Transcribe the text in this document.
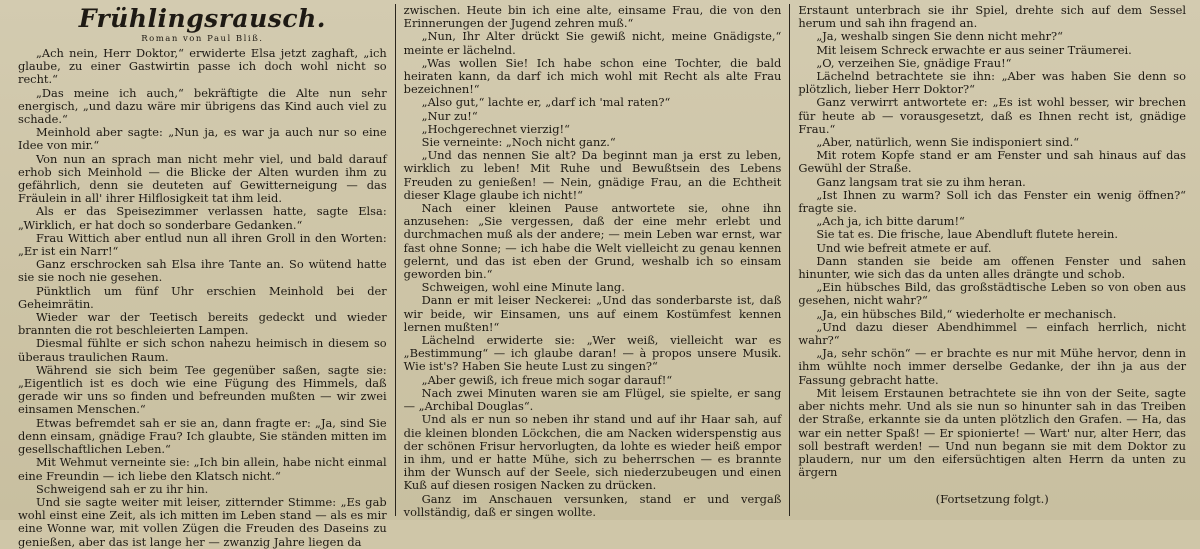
Frühlingsrausch.

Roman von Paul Bliß.

„Ach nein, Herr Doktor,“ erwiderte Elsa jetzt zaghaft, „ich glaube, zu einer Gastwirtin passe ich doch wohl nicht so recht.“

„Das meine ich auch,“ bekräftigte die Alte nun sehr energisch, „und dazu wäre mir übrigens das Kind auch viel zu schade.“

Meinhold aber sagte: „Nun ja, es war ja auch nur so eine Idee von mir.“

Von nun an sprach man nicht mehr viel, und bald darauf erhob sich Meinhold — die Blicke der Alten wurden ihm zu gefährlich, denn sie deuteten auf Gewitterneigung — das Fräulein in all' ihrer Hilflosigkeit tat ihm leid.

Als er das Speisezimmer verlassen hatte, sagte Elsa: „Wirklich, er hat doch so sonderbare Gedanken.“

Frau Wittich aber entlud nun all ihren Groll in den Worten: „Er ist ein Narr!“

Ganz erschrocken sah Elsa ihre Tante an. So wütend hatte sie sie noch nie gesehen.

Pünktlich um fünf Uhr erschien Meinhold bei der Geheimrätin.

Wieder war der Teetisch bereits gedeckt und wieder brannten die rot beschleierten Lampen.

Diesmal fühlte er sich schon nahezu heimisch in diesem so überaus traulichen Raum.

Während sie sich beim Tee gegenüber saßen, sagte sie: „Eigentlich ist es doch wie eine Fügung des Himmels, daß gerade wir uns so finden und befreunden mußten — wir zwei einsamen Menschen.“

Etwas befremdet sah er sie an, dann fragte er: „Ja, sind Sie denn einsam, gnädige Frau? Ich glaubte, Sie ständen mitten im gesellschaftlichen Leben.“

Mit Wehmut verneinte sie: „Ich bin allein, habe nicht einmal eine Freundin — ich liebe den Klatsch nicht.“

Schweigend sah er zu ihr hin.

Und sie sagte weiter mit leiser, zitternder Stimme: „Es gab wohl einst eine Zeit, als ich mitten im Leben stand — als es mir eine Wonne war, mit vollen Zügen die Freuden des Daseins zu genießen, aber das ist lange her — zwanzig Jahre liegen da

zwischen. Heute bin ich eine alte, einsame Frau, die von den Erinnerungen der Jugend zehren muß.“

„Nun, Ihr Alter drückt Sie gewiß nicht, meine Gnädigste,“ meinte er lächelnd.

„Was wollen Sie! Ich habe schon eine Tochter, die bald heiraten kann, da darf ich mich wohl mit Recht als alte Frau bezeichnen!“

„Also gut,“ lachte er, „darf ich 'mal raten?“

„Nur zu!“

„Hochgerechnet vierzig!“

Sie verneinte: „Noch nicht ganz.“

„Und das nennen Sie alt? Da beginnt man ja erst zu leben, wirklich zu leben! Mit Ruhe und Bewußtsein des Lebens Freuden zu genießen! — Nein, gnädige Frau, an die Echtheit dieser Klage glaube ich nicht!“

Nach einer kleinen Pause antwortete sie, ohne ihn anzusehen: „Sie vergessen, daß der eine mehr erlebt und durchmachen muß als der andere; — mein Leben war ernst, war fast ohne Sonne; — ich habe die Welt vielleicht zu genau kennen gelernt, und das ist eben der Grund, weshalb ich so einsam geworden bin.“

Schweigen, wohl eine Minute lang.

Dann er mit leiser Neckerei: „Und das sonderbarste ist, daß wir beide, wir Einsamen, uns auf einem Kostümfest kennen lernen mußten!“

Lächelnd erwiderte sie: „Wer weiß, vielleicht war es „Bestimmung“ — ich glaube daran! — à propos unsere Musik. Wie ist's? Haben Sie heute Lust zu singen?“

„Aber gewiß, ich freue mich sogar darauf!“

Nach zwei Minuten waren sie am Flügel, sie spielte, er sang — „Archibal Douglas“.

Und als er nun so neben ihr stand und auf ihr Haar sah, auf die kleinen blonden Löckchen, die am Nacken widerspenstig aus der schönen Frisur hervorlugten, da lohte es wieder heiß empor in ihm, und er hatte Mühe, sich zu beherrschen — es brannte ihm der Wunsch auf der Seele, sich niederzubeugen und einen Kuß auf diesen rosigen Nacken zu drücken.

Ganz im Anschauen versunken, stand er und vergaß vollständig, daß er singen wollte.

Erstaunt unterbrach sie ihr Spiel, drehte sich auf dem Sessel herum und sah ihn fragend an.

„Ja, weshalb singen Sie denn nicht mehr?“

Mit leisem Schreck erwachte er aus seiner Träumerei.

„O, verzeihen Sie, gnädige Frau!“

Lächelnd betrachtete sie ihn: „Aber was haben Sie denn so plötzlich, lieber Herr Doktor?“

Ganz verwirrt antwortete er: „Es ist wohl besser, wir brechen für heute ab — vorausgesetzt, daß es Ihnen recht ist, gnädige Frau.“

„Aber, natürlich, wenn Sie indisponiert sind.“

Mit rotem Kopfe stand er am Fenster und sah hinaus auf das Gewühl der Straße.

Ganz langsam trat sie zu ihm heran.

„Ist Ihnen zu warm? Soll ich das Fenster ein wenig öffnen?“ fragte sie.

„Ach ja, ich bitte darum!“

Sie tat es. Die frische, laue Abendluft flutete herein.

Und wie befreit atmete er auf.

Dann standen sie beide am offenen Fenster und sahen hinunter, wie sich das da unten alles drängte und schob.

„Ein hübsches Bild, das großstädtische Leben so von oben aus gesehen, nicht wahr?“

„Ja, ein hübsches Bild,“ wiederholte er mechanisch.

„Und dazu dieser Abendhimmel — einfach herrlich, nicht wahr?“

„Ja, sehr schön“ — er brachte es nur mit Mühe hervor, denn in ihm wühlte noch immer derselbe Gedanke, der ihn ja aus der Fassung gebracht hatte.

Mit leisem Erstaunen betrachtete sie ihn von der Seite, sagte aber nichts mehr. Und als sie nun so hinunter sah in das Treiben der Straße, erkannte sie da unten plötzlich den Grafen. — Ha, das war ein netter Spaß! — Er spionierte! — Wart' nur, alter Herr, das soll bestraft werden! — Und nun begann sie mit dem Doktor zu plaudern, nur um den eifersüchtigen alten Herrn da unten zu ärgern

(Fortsetzung folgt.)
